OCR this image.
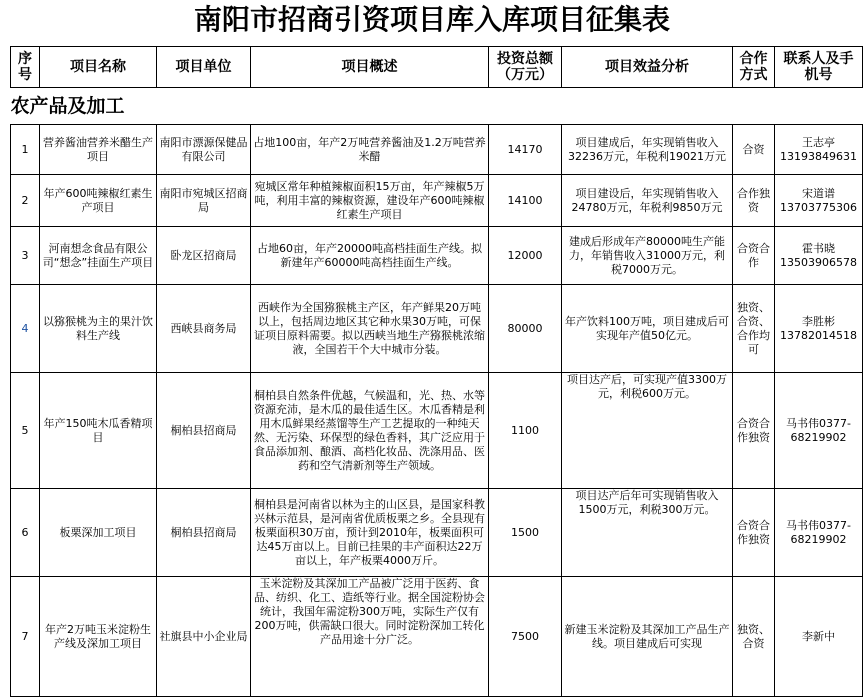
南阳市招商引资项目库入库项目征集表
序号	项目名称	项目单位	项目概述	投资总额（万元）	项目效益分析	合作方式	联系人及手机号
农产品及加工							
1	营养酱油营养米醋生产项目	南阳市漂源保健品有限公司	占地100亩，年产2万吨营养酱油及1.2万吨营养米醋	14170	项目建成后，年实现销售收入32236万元，年税利19021万元	合资	王志亭 13193849631
2	年产600吨辣椒红素生产项目	南阳市宛城区招商局	宛城区常年种植辣椒面积15万亩，年产辣椒5万吨，利用丰富的辣椒资源，建设年产600吨辣椒红素生产项目	14100	项目建设后，年实现销售收入24780万元，年税利9850万元	合作独资	宋道谱 13703775306
3	河南想念食品有限公司“想念”挂面生产项目	卧龙区招商局	占地60亩，年产20000吨高档挂面生产线。拟新建年产60000吨高档挂面生产线。	12000	建成后形成年产80000吨生产能力，年销售收入31000万元，利税7000万元。	合资合作	霍书晓 13503906578
4	以猕猴桃为主的果汁饮料生产线	西峡县商务局	西峡作为全国猕猴桃主产区，年产鲜果20万吨以上，包括周边地区其它种水果30万吨，可保证项目原料需要。拟以西峡当地生产猕猴桃浓缩液，全国若干个大中城市分装。	80000	年产饮料100万吨，项目建成后可实现年产值50亿元。	独资、合资、合作均可	李胜彬 13782014518
5	年产150吨木瓜香精项目	桐柏县招商局	桐柏县自然条件优越，气候温和，光、热、水等资源充沛，是木瓜的最佳适生区。木瓜香精是利用木瓜鲜果经蒸馏等生产工艺提取的一种纯天然、无污染、环保型的绿色香料，其广泛应用于食品添加剂、酿酒、高档化妆品、洗涤用品、医药和空气清新剂等生产领域。	1100	项目达产后，可实现产值3300万元，利税600万元。	合资合作独资	马书伟0377-68219902
6	板栗深加工项目	桐柏县招商局	桐柏县是河南省以林为主的山区县，是国家科教兴林示范县，是河南省优质板栗之乡。全县现有板栗面积30万亩，预计到2010年，板栗面积可达45万亩以上。目前已挂果的丰产面积达22万亩以上，年产板栗4000万斤。	1500	项目达产后年可实现销售收入1500万元，利税300万元。	合资合作独资	马书伟0377-68219902
7	年产2万吨玉米淀粉生产线及深加工项目	社旗县中小企业局	玉米淀粉及其深加工产品被广泛用于医药、食品、纺织、化工、造纸等行业。据全国淀粉协会统计，我国年需淀粉300万吨，实际生产仅有200万吨，供需缺口很大。同时淀粉深加工转化产品用途十分广泛。	7500	新建玉米淀粉及其深加工产品生产线。项目建成后可实现	独资、合资	李新中
